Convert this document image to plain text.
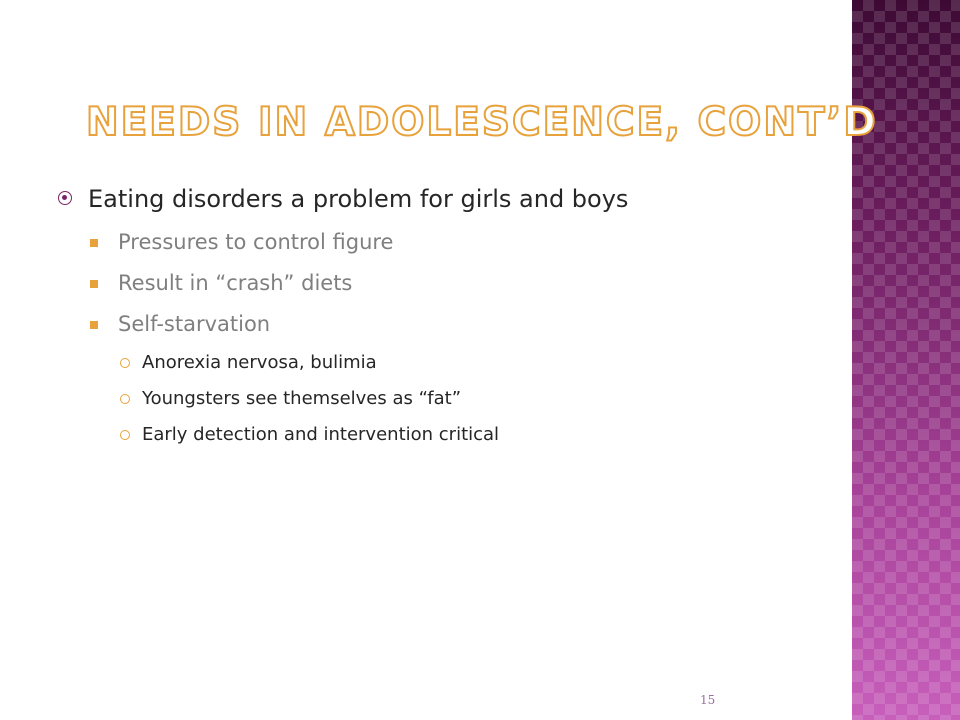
NEEDS IN ADOLESCENCE, CONT’D
Eating disorders a problem for girls and boys
Pressures to control figure
Result in “crash” diets
Self-starvation
Anorexia nervosa, bulimia
Youngsters see themselves as “fat”
Early detection and intervention critical
15
